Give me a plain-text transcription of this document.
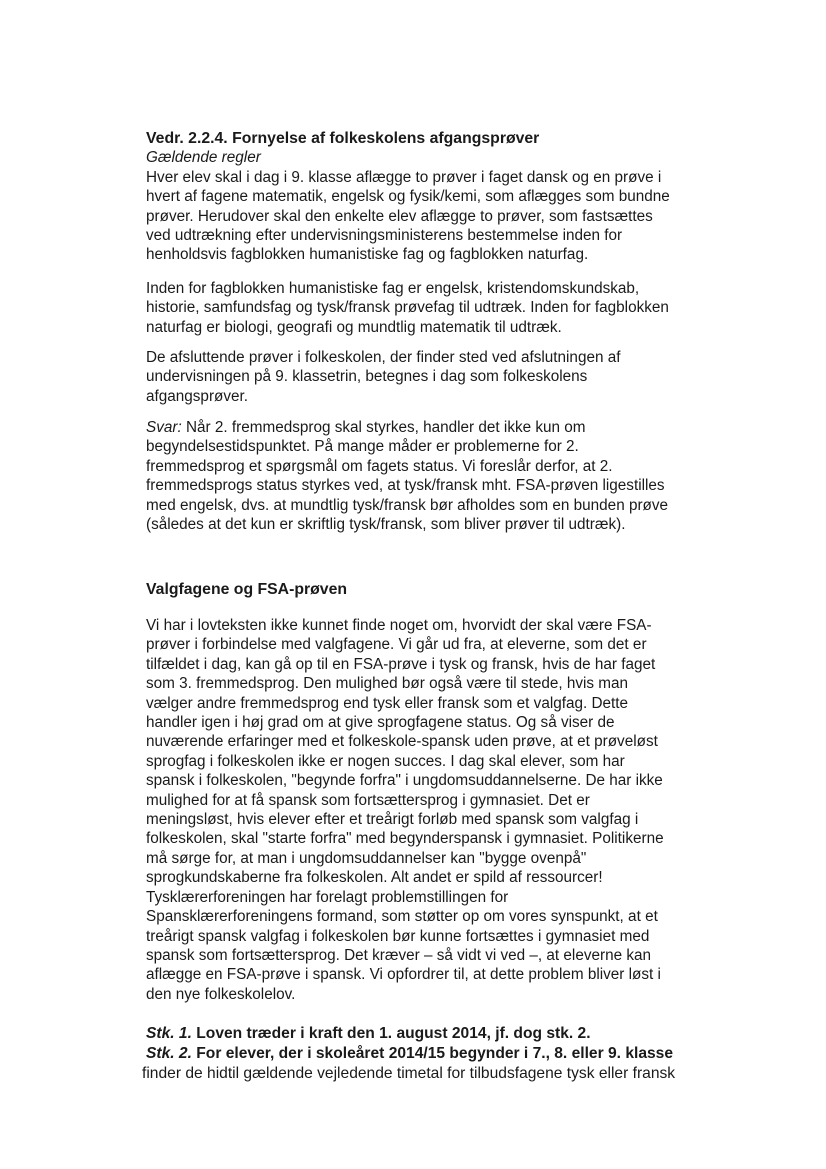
Vedr. 2.2.4. Fornyelse af folkeskolens afgangsprøver
Gældende regler
Hver elev skal i dag i 9. klasse aflægge to prøver i faget dansk og en prøve i
hvert af fagene matematik, engelsk og fysik/kemi, som aflægges som bundne
prøver. Herudover skal den enkelte elev aflægge to prøver, som fastsættes
ved udtrækning efter undervisningsministerens bestemmelse inden for
henholdsvis fagblokken humanistiske fag og fagblokken naturfag.
Inden for fagblokken humanistiske fag er engelsk, kristendomskundskab,
historie, samfundsfag og tysk/fransk prøvefag til udtræk. Inden for fagblokken
naturfag er biologi, geografi og mundtlig matematik til udtræk.
De afsluttende prøver i folkeskolen, der finder sted ved afslutningen af
undervisningen på 9. klassetrin, betegnes i dag som folkeskolens
afgangsprøver.
Svar: Når 2. fremmedsprog skal styrkes, handler det ikke kun om
begyndelsestidspunktet. På mange måder er problemerne for 2.
fremmedsprog et spørgsmål om fagets status. Vi foreslår derfor, at 2.
fremmedsprogs status styrkes ved, at tysk/fransk mht. FSA-prøven ligestilles
med engelsk, dvs. at mundtlig tysk/fransk bør afholdes som en bunden prøve
(således at det kun er skriftlig tysk/fransk, som bliver prøver til udtræk).
Valgfagene og FSA-prøven
Vi har i lovteksten ikke kunnet finde noget om, hvorvidt der skal være FSA-
prøver i forbindelse med valgfagene. Vi går ud fra, at eleverne, som det er
tilfældet i dag, kan gå op til en FSA-prøve i tysk og fransk, hvis de har faget
som 3. fremmedsprog. Den mulighed bør også være til stede, hvis man
vælger andre fremmedsprog end tysk eller fransk som et valgfag. Dette
handler igen i høj grad om at give sprogfagene status. Og så viser de
nuværende erfaringer med et folkeskole-spansk uden prøve, at et prøveløst
sprogfag i folkeskolen ikke er nogen succes. I dag skal elever, som har
spansk i folkeskolen, "begynde forfra" i ungdomsuddannelserne. De har ikke
mulighed for at få spansk som fortsættersprog i gymnasiet. Det er
meningsløst, hvis elever efter et treårigt forløb med spansk som valgfag i
folkeskolen, skal "starte forfra" med begynderspansk i gymnasiet. Politikerne
må sørge for, at man i ungdomsuddannelser kan "bygge ovenpå"
sprogkundskaberne fra folkeskolen. Alt andet er spild af ressourcer!
Tysklærerforeningen har forelagt problemstillingen for
Spansklærerforeningens formand, som støtter op om vores synspunkt, at et
treårigt spansk valgfag i folkeskolen bør kunne fortsættes i gymnasiet med
spansk som fortsættersprog. Det kræver – så vidt vi ved –, at eleverne kan
aflægge en FSA-prøve i spansk. Vi opfordrer til, at dette problem bliver løst i
den nye folkeskolelov.
Stk. 1. Loven træder i kraft den 1. august 2014, jf. dog stk. 2.
Stk. 2. For elever, der i skoleåret 2014/15 begynder i 7., 8. eller 9. klasse
finder de hidtil gældende vejledende timetal for tilbudsfagene tysk eller fransk
